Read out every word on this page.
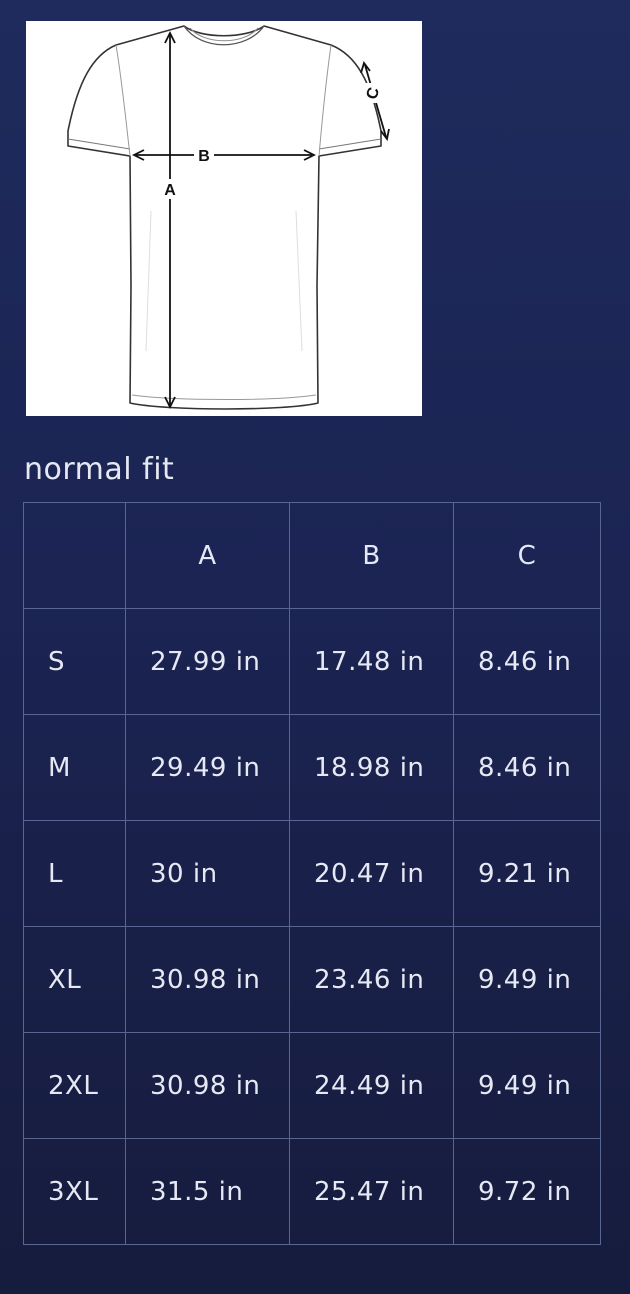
A
B
C
normal fit
	A	B	C
S	27.99 in	17.48 in	8.46 in
M	29.49 in	18.98 in	8.46 in
L	30 in	20.47 in	9.21 in
XL	30.98 in	23.46 in	9.49 in
2XL	30.98 in	24.49 in	9.49 in
3XL	31.5 in	25.47 in	9.72 in
